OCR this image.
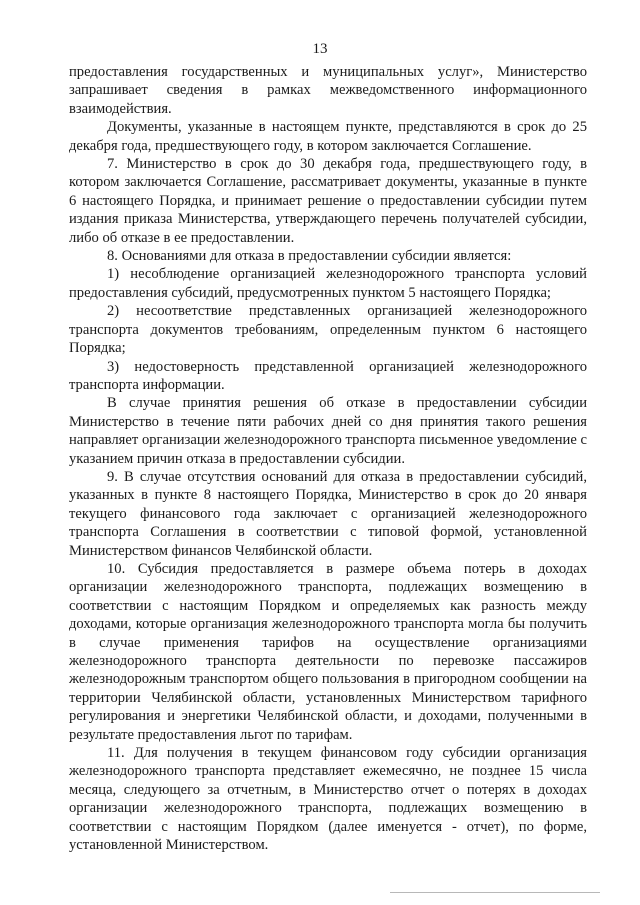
13

предоставления государственных и муниципальных услуг», Министерство запрашивает сведения в рамках межведомственного информационного взаимодействия.

Документы, указанные в настоящем пункте, представляются в срок до 25 декабря года, предшествующего году, в котором заключается Соглашение.

7. Министерство в срок до 30 декабря года, предшествующего году, в котором заключается Соглашение, рассматривает документы, указанные в пункте 6 настоящего Порядка, и принимает решение о предоставлении субсидии путем издания приказа Министерства, утверждающего перечень получателей субсидии, либо об отказе в ее предоставлении.

8. Основаниями для отказа в предоставлении субсидии является:

1) несоблюдение организацией железнодорожного транспорта условий предоставления субсидий, предусмотренных пунктом 5 настоящего Порядка;

2) несоответствие представленных организацией железнодорожного транспорта документов требованиям, определенным пунктом 6 настоящего Порядка;

3) недостоверность представленной организацией железнодорожного транспорта информации.

В случае принятия решения об отказе в предоставлении субсидии Министерство в течение пяти рабочих дней со дня принятия такого решения направляет организации железнодорожного транспорта письменное уведомление с указанием причин отказа в предоставлении субсидии.

9. В случае отсутствия оснований для отказа в предоставлении субсидий, указанных в пункте 8 настоящего Порядка, Министерство в срок до 20 января текущего финансового года заключает с организацией железнодорожного транспорта Соглашения в соответствии с типовой формой, установленной Министерством финансов Челябинской области.

10. Субсидия предоставляется в размере объема потерь в доходах организации железнодорожного транспорта, подлежащих возмещению в соответствии с настоящим Порядком и определяемых как разность между доходами, которые организация железнодорожного транспорта могла бы получить в случае применения тарифов на осуществление организациями железнодорожного транспорта деятельности по перевозке пассажиров железнодорожным транспортом общего пользования в пригородном сообщении на территории Челябинской области, установленных Министерством тарифного регулирования и энергетики Челябинской области, и доходами, полученными в результате предоставления льгот по тарифам.

11. Для получения в текущем финансовом году субсидии организация железнодорожного транспорта представляет ежемесячно, не позднее 15 числа месяца, следующего за отчетным, в Министерство отчет о потерях в доходах организации железнодорожного транспорта, подлежащих возмещению в соответствии с настоящим Порядком (далее именуется - отчет), по форме, установленной Министерством.
